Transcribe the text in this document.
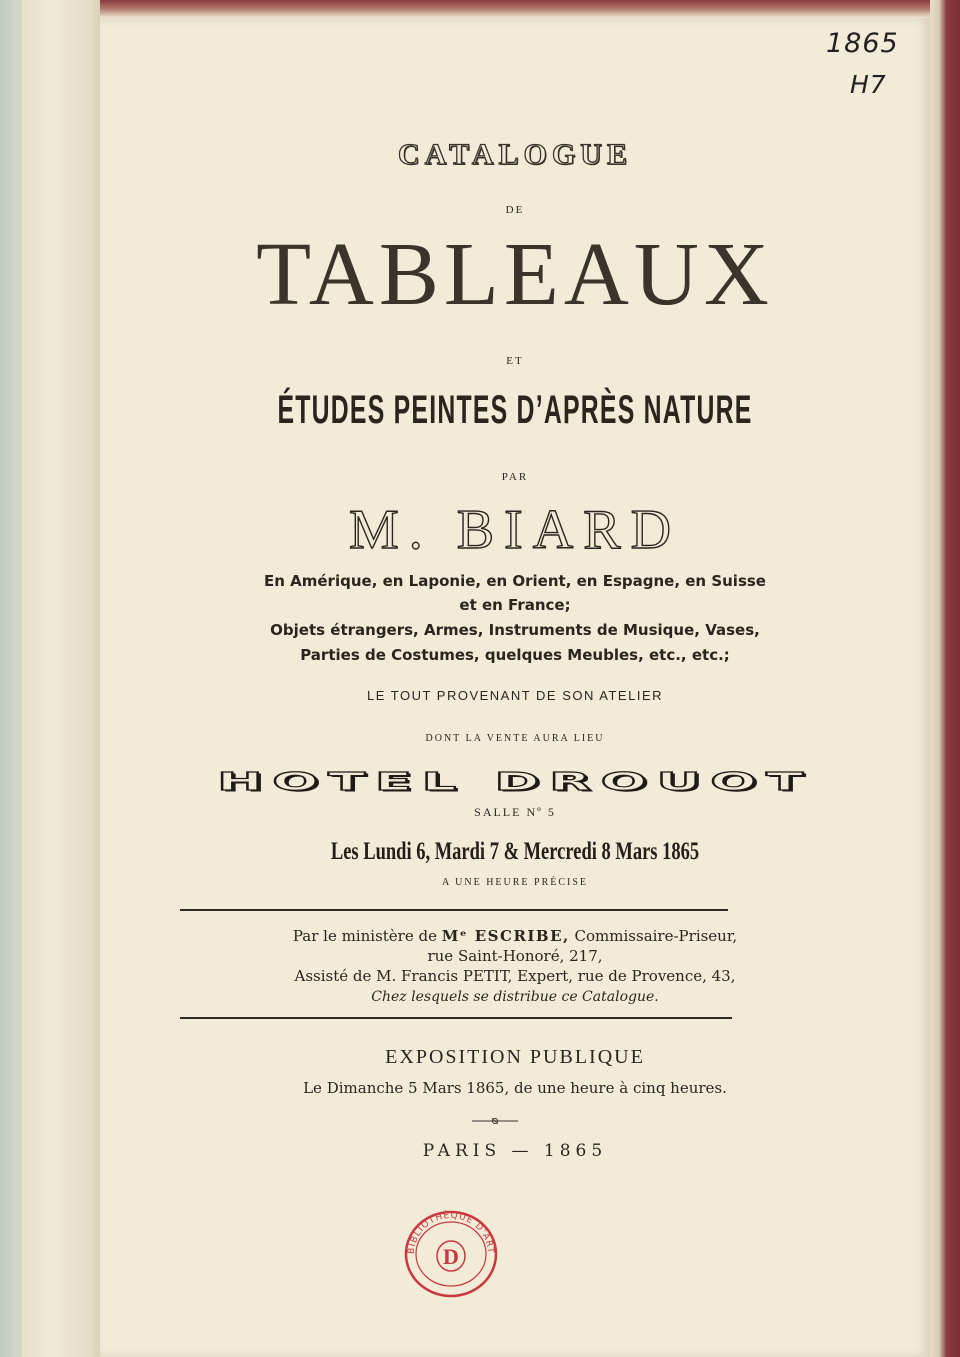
1865
H7
CATALOGUE
DE
TABLEAUX
ET
ÉTUDES PEINTES D’APRÈS NATURE
PAR
M. BIARD
En Amérique, en Laponie, en Orient, en Espagne, en Suisse
et en France;
Objets étrangers, Armes, Instruments de Musique, Vases,
Parties de Costumes, quelques Meubles, etc., etc.;
LE TOUT PROVENANT DE SON ATELIER
DONT LA VENTE AURA LIEU
HOTEL DROUOT
SALLE Nº 5
Les Lundi 6, Mardi 7 & Mercredi 8 Mars 1865
A UNE HEURE PRÉCISE
Par le ministère de Mᵉ ESCRIBE, Commissaire-Priseur,
rue Saint-Honoré, 217,
Assisté de M. Francis PETIT, Expert, rue de Provence, 43,
Chez lesquels se distribue ce Catalogue.
EXPOSITION PUBLIQUE
Le Dimanche 5 Mars 1865, de une heure à cinq heures.
PARIS — 1865
D
BIBLIOTHÈQUE D'ART
